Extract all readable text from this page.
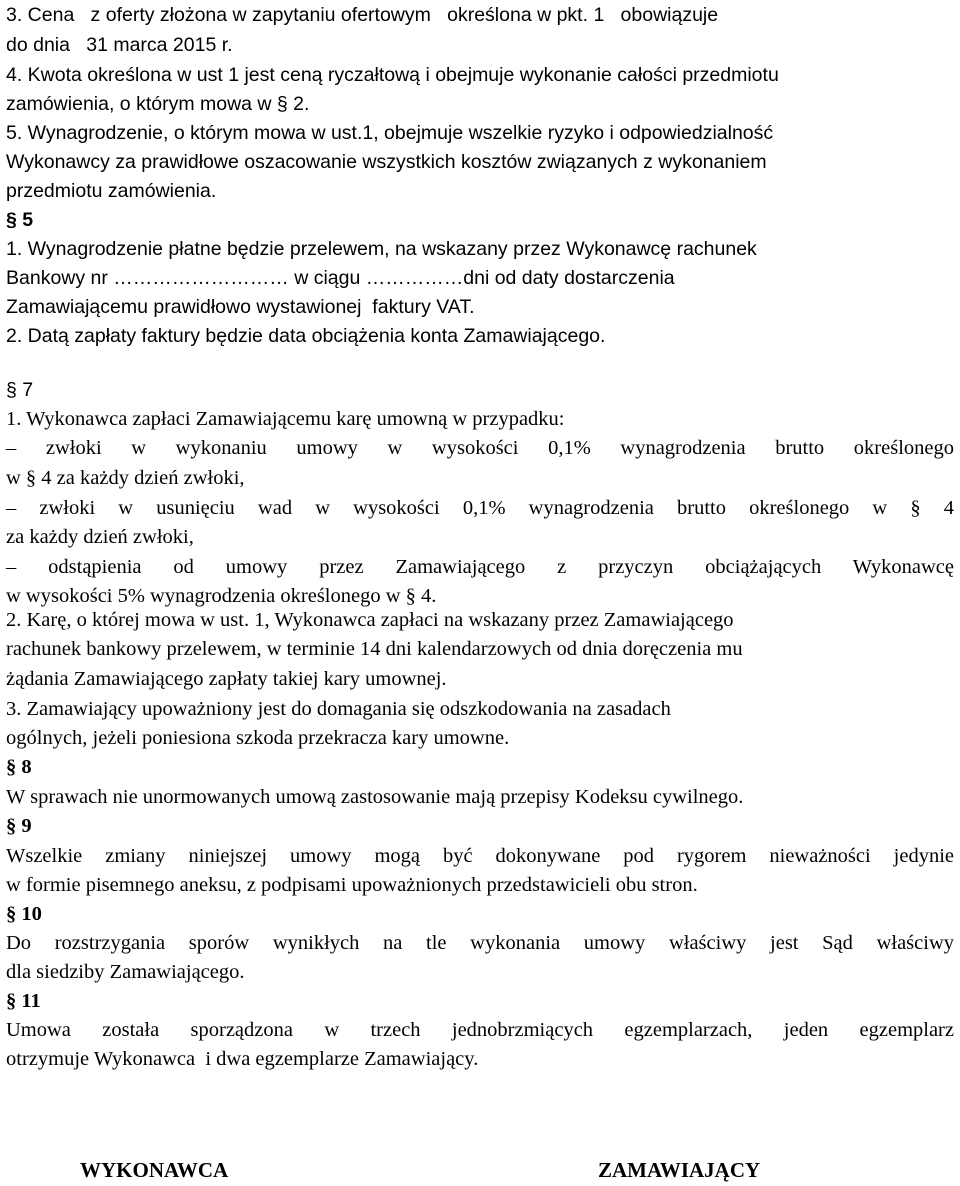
3. Cena   z oferty złożona w zapytaniu ofertowym   określona w pkt. 1   obowiązuje
do dnia   31 marca 2015 r.
4. Kwota określona w ust 1 jest ceną ryczałtową i obejmuje wykonanie całości przedmiotu
zamówienia, o którym mowa w § 2.
5. Wynagrodzenie, o którym mowa w ust.1, obejmuje wszelkie ryzyko i odpowiedzialność
Wykonawcy za prawidłowe oszacowanie wszystkich kosztów związanych z wykonaniem
przedmiotu zamówienia.
§ 5
1. Wynagrodzenie płatne będzie przelewem, na wskazany przez Wykonawcę rachunek
Bankowy nr ……………………… w ciągu ……………dni od daty dostarczenia
Zamawiającemu prawidłowo wystawionej  faktury VAT.
2. Datą zapłaty faktury będzie data obciążenia konta Zamawiającego.
§ 7
1. Wykonawca zapłaci Zamawiającemu karę umowną w przypadku:
– zwłoki w wykonaniu umowy w wysokości 0,1% wynagrodzenia brutto określonego
w § 4 za każdy dzień zwłoki,
– zwłoki w usunięciu wad w wysokości 0,1% wynagrodzenia brutto określonego w § 4
za każdy dzień zwłoki,
– odstąpienia od umowy przez Zamawiającego z przyczyn obciążających Wykonawcę
w wysokości 5% wynagrodzenia określonego w § 4.
2. Karę, o której mowa w ust. 1, Wykonawca zapłaci na wskazany przez Zamawiającego
rachunek bankowy przelewem, w terminie 14 dni kalendarzowych od dnia doręczenia mu
żądania Zamawiającego zapłaty takiej kary umownej.
3. Zamawiający upoważniony jest do domagania się odszkodowania na zasadach
ogólnych, jeżeli poniesiona szkoda przekracza kary umowne.
§ 8
W sprawach nie unormowanych umową zastosowanie mają przepisy Kodeksu cywilnego.
§ 9
Wszelkie zmiany niniejszej umowy mogą być dokonywane pod rygorem nieważności jedynie
w formie pisemnego aneksu, z podpisami upoważnionych przedstawicieli obu stron.
§ 10
Do rozstrzygania sporów wynikłych na tle wykonania umowy właściwy jest Sąd właściwy
dla siedziby Zamawiającego.
§ 11
Umowa została sporządzona w trzech jednobrzmiących egzemplarzach, jeden egzemplarz
otrzymuje Wykonawca  i dwa egzemplarze Zamawiający.
WYKONAWCA	ZAMAWIAJĄCY
